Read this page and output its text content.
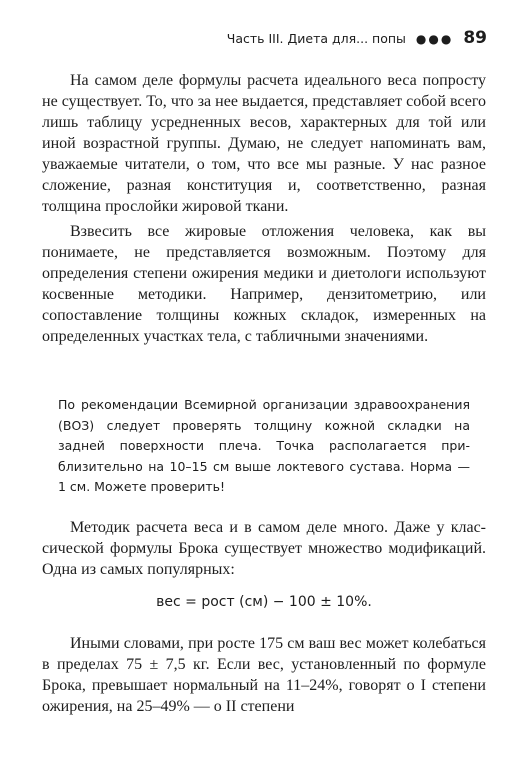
Часть III. Диета для... попы ●●● 89

На самом деле формулы расчета идеального веса попросту не существует. То, что за нее выдается, представляет собой всего лишь таблицу усредненных весов, характерных для той или иной возрастной группы. Думаю, не следует напоминать вам, уважаемые читатели, о том, что все мы разные. У нас разное сложение, разная конституция и, соответственно, разная толщина прослойки жировой ткани.

Взвесить все жировые отложения человека, как вы понимаете, не представляется возможным. Поэтому для определения степени ожирения медики и диетологи используют косвенные методики. Например, дензитометрию, или сопоставление толщины кожных складок, измеренных на определенных участках тела, с табличными значениями.

По рекомендации Всемирной организации здравоохранения (ВОЗ) следует проверять толщину кожной складки на задней поверхности плеча. Точка располагается приблизительно на 10–15 см выше локтевого сустава. Норма — 1 см. Можете проверить!

Методик расчета веса и в самом деле много. Даже у классической формулы Брока существует множество модификаций. Одна из самых популярных:

вес = рост (см) − 100 ± 10%.

Иными словами, при росте 175 см ваш вес может колебаться в пределах 75 ± 7,5 кг. Если вес, установленный по формуле Брока, превышает нормальный на 11–24%, говорят о I степени ожирения, на 25–49% — о II степени
